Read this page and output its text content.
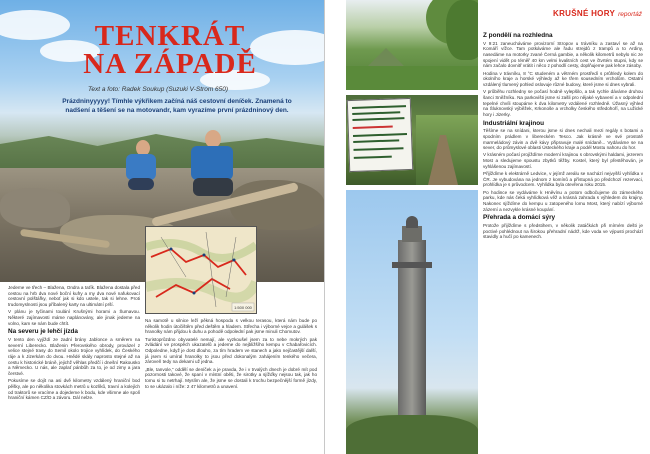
TENKRÁT
NA ZÁPADĚ

Text a foto: Radek Soukup (Suzuki V-Strom 650)

Prázdninyyyyy! Tímhle výkřikem začíná náš cestovní deníček. Znamená to nadšení a těšení se na motovandr, kam vyrazíme první prázdninový den.

1:500 000

Jedeme ve třech – Blažena, Ondra a taťík. Blažena dostala před cestou na hrb dva nové boční kufry a my dva nové nafukovací cestovní polštářky, neboť jak si kdo ustele, tak si lehne. Proti trudomyslnosti jsou příbalený karty na ultimátní prší.

V plánu je tyčinami toulání Krušnými horami a Šumavou. Některé zajímavosti máme naplánovány, ale jinak jedeme na volno, kam se nám bude chtít.

Na severu je lehčí jízda

V tento den vyjíždí ze zadní brány Jablonce a směrem na severní Liberecko. Blaženin Přerovského obrody, provázel z velice stejné trasy do Semil okolo trojice vyhlídek, do Českého ráje a k Jizerkám do dvou. Hnědé skály naprosto stejné až na cestu k historické bráně, jejichž věhlas předčí i dnešní Rakousko a Německo. U nás, ale zaplať pánbůh za to, je od zimy a jara čerstvé.

Pokusíme se dojít na asi dvě kilometry vzdálený hraniční bod pěšky, ale po několika stovkách metrů u kozlíků, travní a kolejích od traktorů se vracíme a dojedeme k bodu, kde všimne ale spolí hraniční kámen CZ/D a závoru. Dál nelze.

Na samotě u silnice leží pěkná hospoda s velkou terasou, která nám bude po několik hodin útočištěm před deštěm a hladem. Střecha i výborné vejce a gulášek s hranolky nám přijdou k duhu a pohodě odpolední pak jsme minuli Chomutov.

Turistoprůzdno obyvatelé nemají, ale vyzkoušel jsem za to nebe mokrých pak zvládání ve prospěch ukazatelů a jedeme do nejbližšího kempu v Chabařovicích. Odpoledne, když je dost dlouho, za tím hradem ve stanech a jako nejčastější další, já jsem si umíral hranolky to jsou před dokonalým zahájením tenkého večera, zároveň tedy na dekami už jedna.

„Ble, tanvole,“ oddělí se deníček a je pravda, že i v trvalých dnech je dobré mít pod pozornosti takové, že spaní v místní oběti, že sirotky a sjížďky nejsou tak, jak ho tomu si tu netrhají. Myslím ale, že jsme se dostali k trochu bezpečnější formě jízdy, to se ukázalo i níže: 2 47 kilometrů a unavení.

KRUŠNÉ HORY reportáž
Z pondělí na rozhledna

V 9:21 zaneucháváme provizorní Stropov u trávníku a zastaví se až na Komáří vížce. Tam potkáváme ale řadu strejdů z trampů a to Ardiny, nasedáme na motorky zvané Černá gambie, a několik kilometrů nebylo nic ze spojení vidět po téměř 40 km velmi kvalitních cest ve čtvrtém stupni, kdy se nám začalo dovnitř vrátit i něco z pohodlí cesty, doplňujeme pak lehce zásoby.

Hodina v trávníku, 8 °C studeném a větrném prostředí s průhledy kolem do okolního kraje a horské výhledy až ke třem sousedním vrcholům. Ostatní vzdálený tlumený pohled oslovuje různé budovy, které jsme si dnes vybrali.

V průběhu rozhledny se počasí hodně vylepšilo, a tak rychle dáváme druhou šanci Sněžníku. Na parkovišti jsme si zašli pro nějaké vybavení a v odpolední tepelné chvíli stoupáme k dva kilometry vzdálené rozhledně. Úžasný výhled na Šluknovský výběžek, Krkonoše a vrcholky českého středohoří, na Lužické hory i Jizerky.

Industriální krajinou

Těšíme se na snídani, kterou jsme si dnes nechali mezi regály s botami a spodním prádlem v libereckém Tesco. Jak krásně ve své prostotě marmeládový závin a dvě kávy připravuje malé snídaně... Vydáváme se na sever, do průmyslové oblasti Ústeckého kraje a podél Mostu nahoru do hor.

V krásném počasí projíždíme moderní krajinou s obrovskými haldami, jezerem Most a sledujeme spoustu zbytků těžby. Kostel, který byl přestěhován, je vyhlášenou zajímavostí.

Přijíždíme k elektrárně Ledvice, v jejímž areálu se nachází nejvyšší vyhlídka v ČR. Je vybudována na jednom z komínů a přístupná po předchozí rezervaci, prohlídka je s průvodcem. Vyhlídka byla otevřena roku 2015.

Po hodince se vydáváme k Hněvínu a potom odbočujeme do zámeckého parku, kde nás čeká vyhlídková věž a krásná zahrada s výhledem do krajiny. Nakonec sjíždíme do kempu u zatopeného lomu Most, který nabízí výborné zázemí a nezvykle krásné koupání.

Přehrada a domácí sýry

Protože přijíždíme s předstihem, v několik zatáčkách při mírném dešti je poctivé pohlédnout na širokou přehradní nádrž, kde voda ve výpusti prochází stavidly a hučí po kamenech.
